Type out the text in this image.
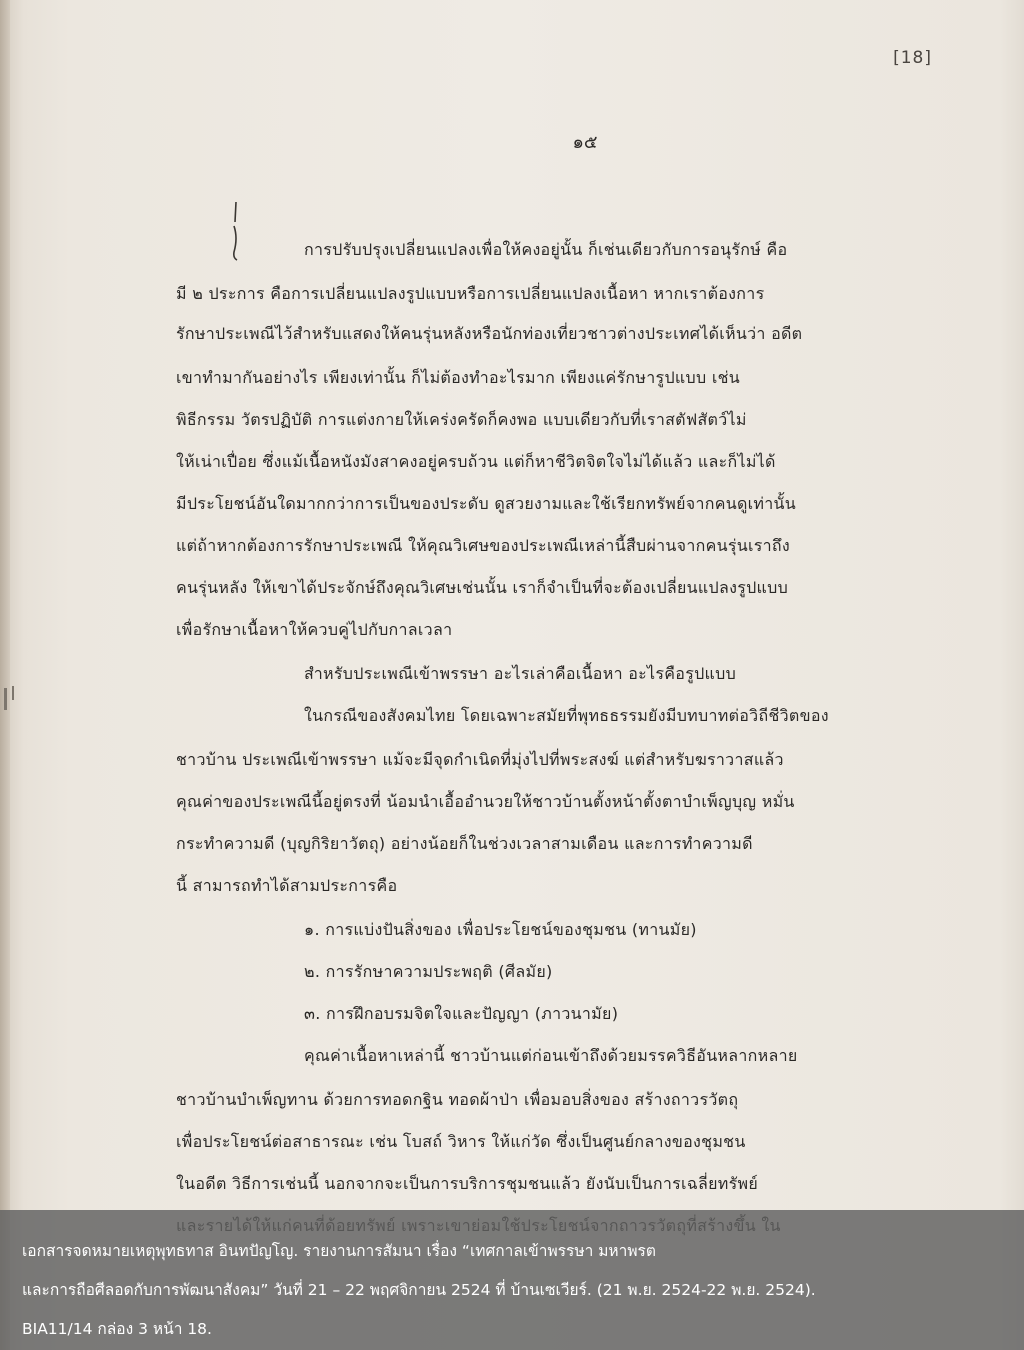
[18]
๑๕
การปรับปรุงเปลี่ยนแปลงเพื่อให้คงอยู่นั้น ก็เช่นเดียวกับการอนุรักษ์ คือ
มี ๒ ประการ คือการเปลี่ยนแปลงรูปแบบหรือการเปลี่ยนแปลงเนื้อหา หากเราต้องการ
รักษาประเพณีไว้สำหรับแสดงให้คนรุ่นหลังหรือนักท่องเที่ยวชาวต่างประเทศได้เห็นว่า อดีต
เขาทำมากันอย่างไร เพียงเท่านั้น ก็ไม่ต้องทำอะไรมาก เพียงแค่รักษารูปแบบ เช่น
พิธีกรรม วัตรปฏิบัติ การแต่งกายให้เคร่งครัดก็คงพอ แบบเดียวกับที่เราสตัฟสัตว์ไม่
ให้เน่าเปื่อย ซึ่งแม้เนื้อหนังมังสาคงอยู่ครบถ้วน แต่ก็หาชีวิตจิตใจไม่ได้แล้ว และก็ไม่ได้
มีประโยชน์อันใดมากกว่าการเป็นของประดับ ดูสวยงามและใช้เรียกทรัพย์จากคนดูเท่านั้น
แต่ถ้าหากต้องการรักษาประเพณี ให้คุณวิเศษของประเพณีเหล่านี้สืบผ่านจากคนรุ่นเราถึง
คนรุ่นหลัง ให้เขาได้ประจักษ์ถึงคุณวิเศษเช่นนั้น เราก็จำเป็นที่จะต้องเปลี่ยนแปลงรูปแบบ
เพื่อรักษาเนื้อหาให้ควบคู่ไปกับกาลเวลา
สำหรับประเพณีเข้าพรรษา อะไรเล่าคือเนื้อหา อะไรคือรูปแบบ
ในกรณีของสังคมไทย โดยเฉพาะสมัยที่พุทธธรรมยังมีบทบาทต่อวิถีชีวิตของ
ชาวบ้าน ประเพณีเข้าพรรษา แม้จะมีจุดกำเนิดที่มุ่งไปที่พระสงฆ์ แต่สำหรับฆราวาสแล้ว
คุณค่าของประเพณีนี้อยู่ตรงที่ น้อมนำเอื้ออำนวยให้ชาวบ้านตั้งหน้าตั้งตาบำเพ็ญบุญ หมั่น
กระทำความดี (บุญกิริยาวัตถุ) อย่างน้อยก็ในช่วงเวลาสามเดือน และการทำความดี
นี้ สามารถทำได้สามประการคือ
๑. การแบ่งปันสิ่งของ เพื่อประโยชน์ของชุมชน (ทานมัย)
๒. การรักษาความประพฤติ (ศีลมัย)
๓. การฝึกอบรมจิตใจและปัญญา (ภาวนามัย)
คุณค่าเนื้อหาเหล่านี้ ชาวบ้านแต่ก่อนเข้าถึงด้วยมรรควิธีอันหลากหลาย
ชาวบ้านบำเพ็ญทาน ด้วยการทอดกฐิน ทอดผ้าป่า เพื่อมอบสิ่งของ สร้างถาวรวัตถุ
เพื่อประโยชน์ต่อสาธารณะ เช่น โบสถ์ วิหาร ให้แก่วัด ซึ่งเป็นศูนย์กลางของชุมชน
ในอดีต วิธีการเช่นนี้ นอกจากจะเป็นการบริการชุมชนแล้ว ยังนับเป็นการเฉลี่ยทรัพย์
เอกสารจดหมายเหตุพุทธทาส อินทปัญโญ. รายงานการสัมนา เรื่อง “เทศกาลเข้าพรรษา มหาพรต
และการถือศีลอดกับการพัฒนาสังคม” วันที่ 21 – 22 พฤศจิกายน 2524 ที่ บ้านเซเวียร์. (21 พ.ย. 2524-22 พ.ย. 2524).
BIA11/14 กล่อง 3 หน้า 18.
